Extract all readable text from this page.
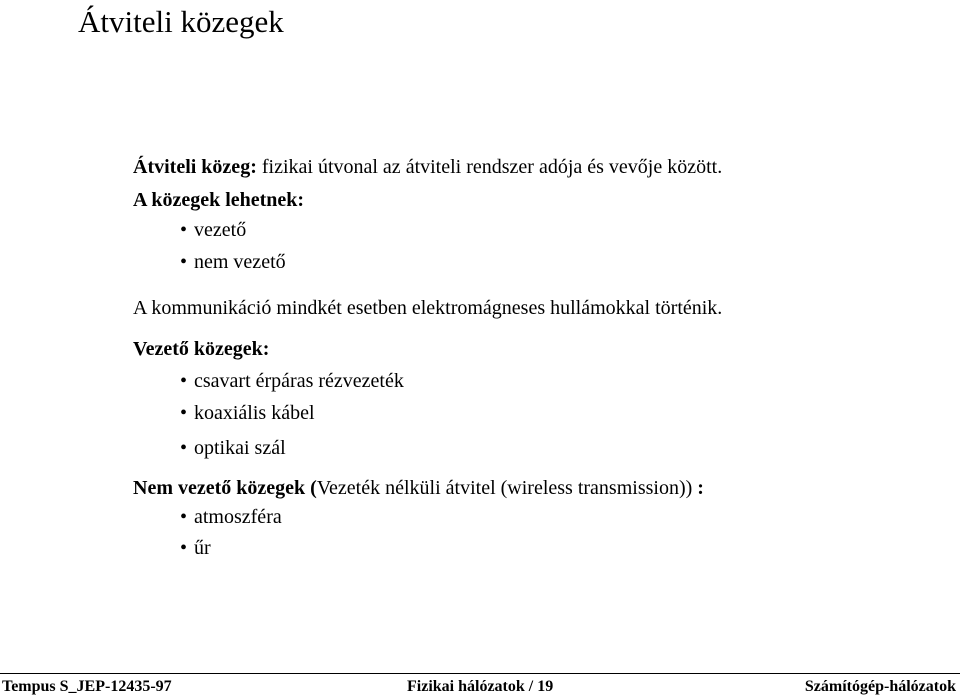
Átviteli közegek
Átviteli közeg: fizikai útvonal az átviteli rendszer adója és vevője között.
A közegek lehetnek:
• vezető
• nem vezető
A kommunikáció mindkét esetben elektromágneses hullámokkal történik.
Vezető közegek:
• csavart érpáras rézvezeték
• koaxiális kábel
• optikai szál
Nem vezető közegek (Vezeték nélküli átvitel (wireless transmission)) :
• atmoszféra
• űr
Tempus S_JEP-12435-97	Fizikai hálózatok / 19	Számítógép-hálózatok
